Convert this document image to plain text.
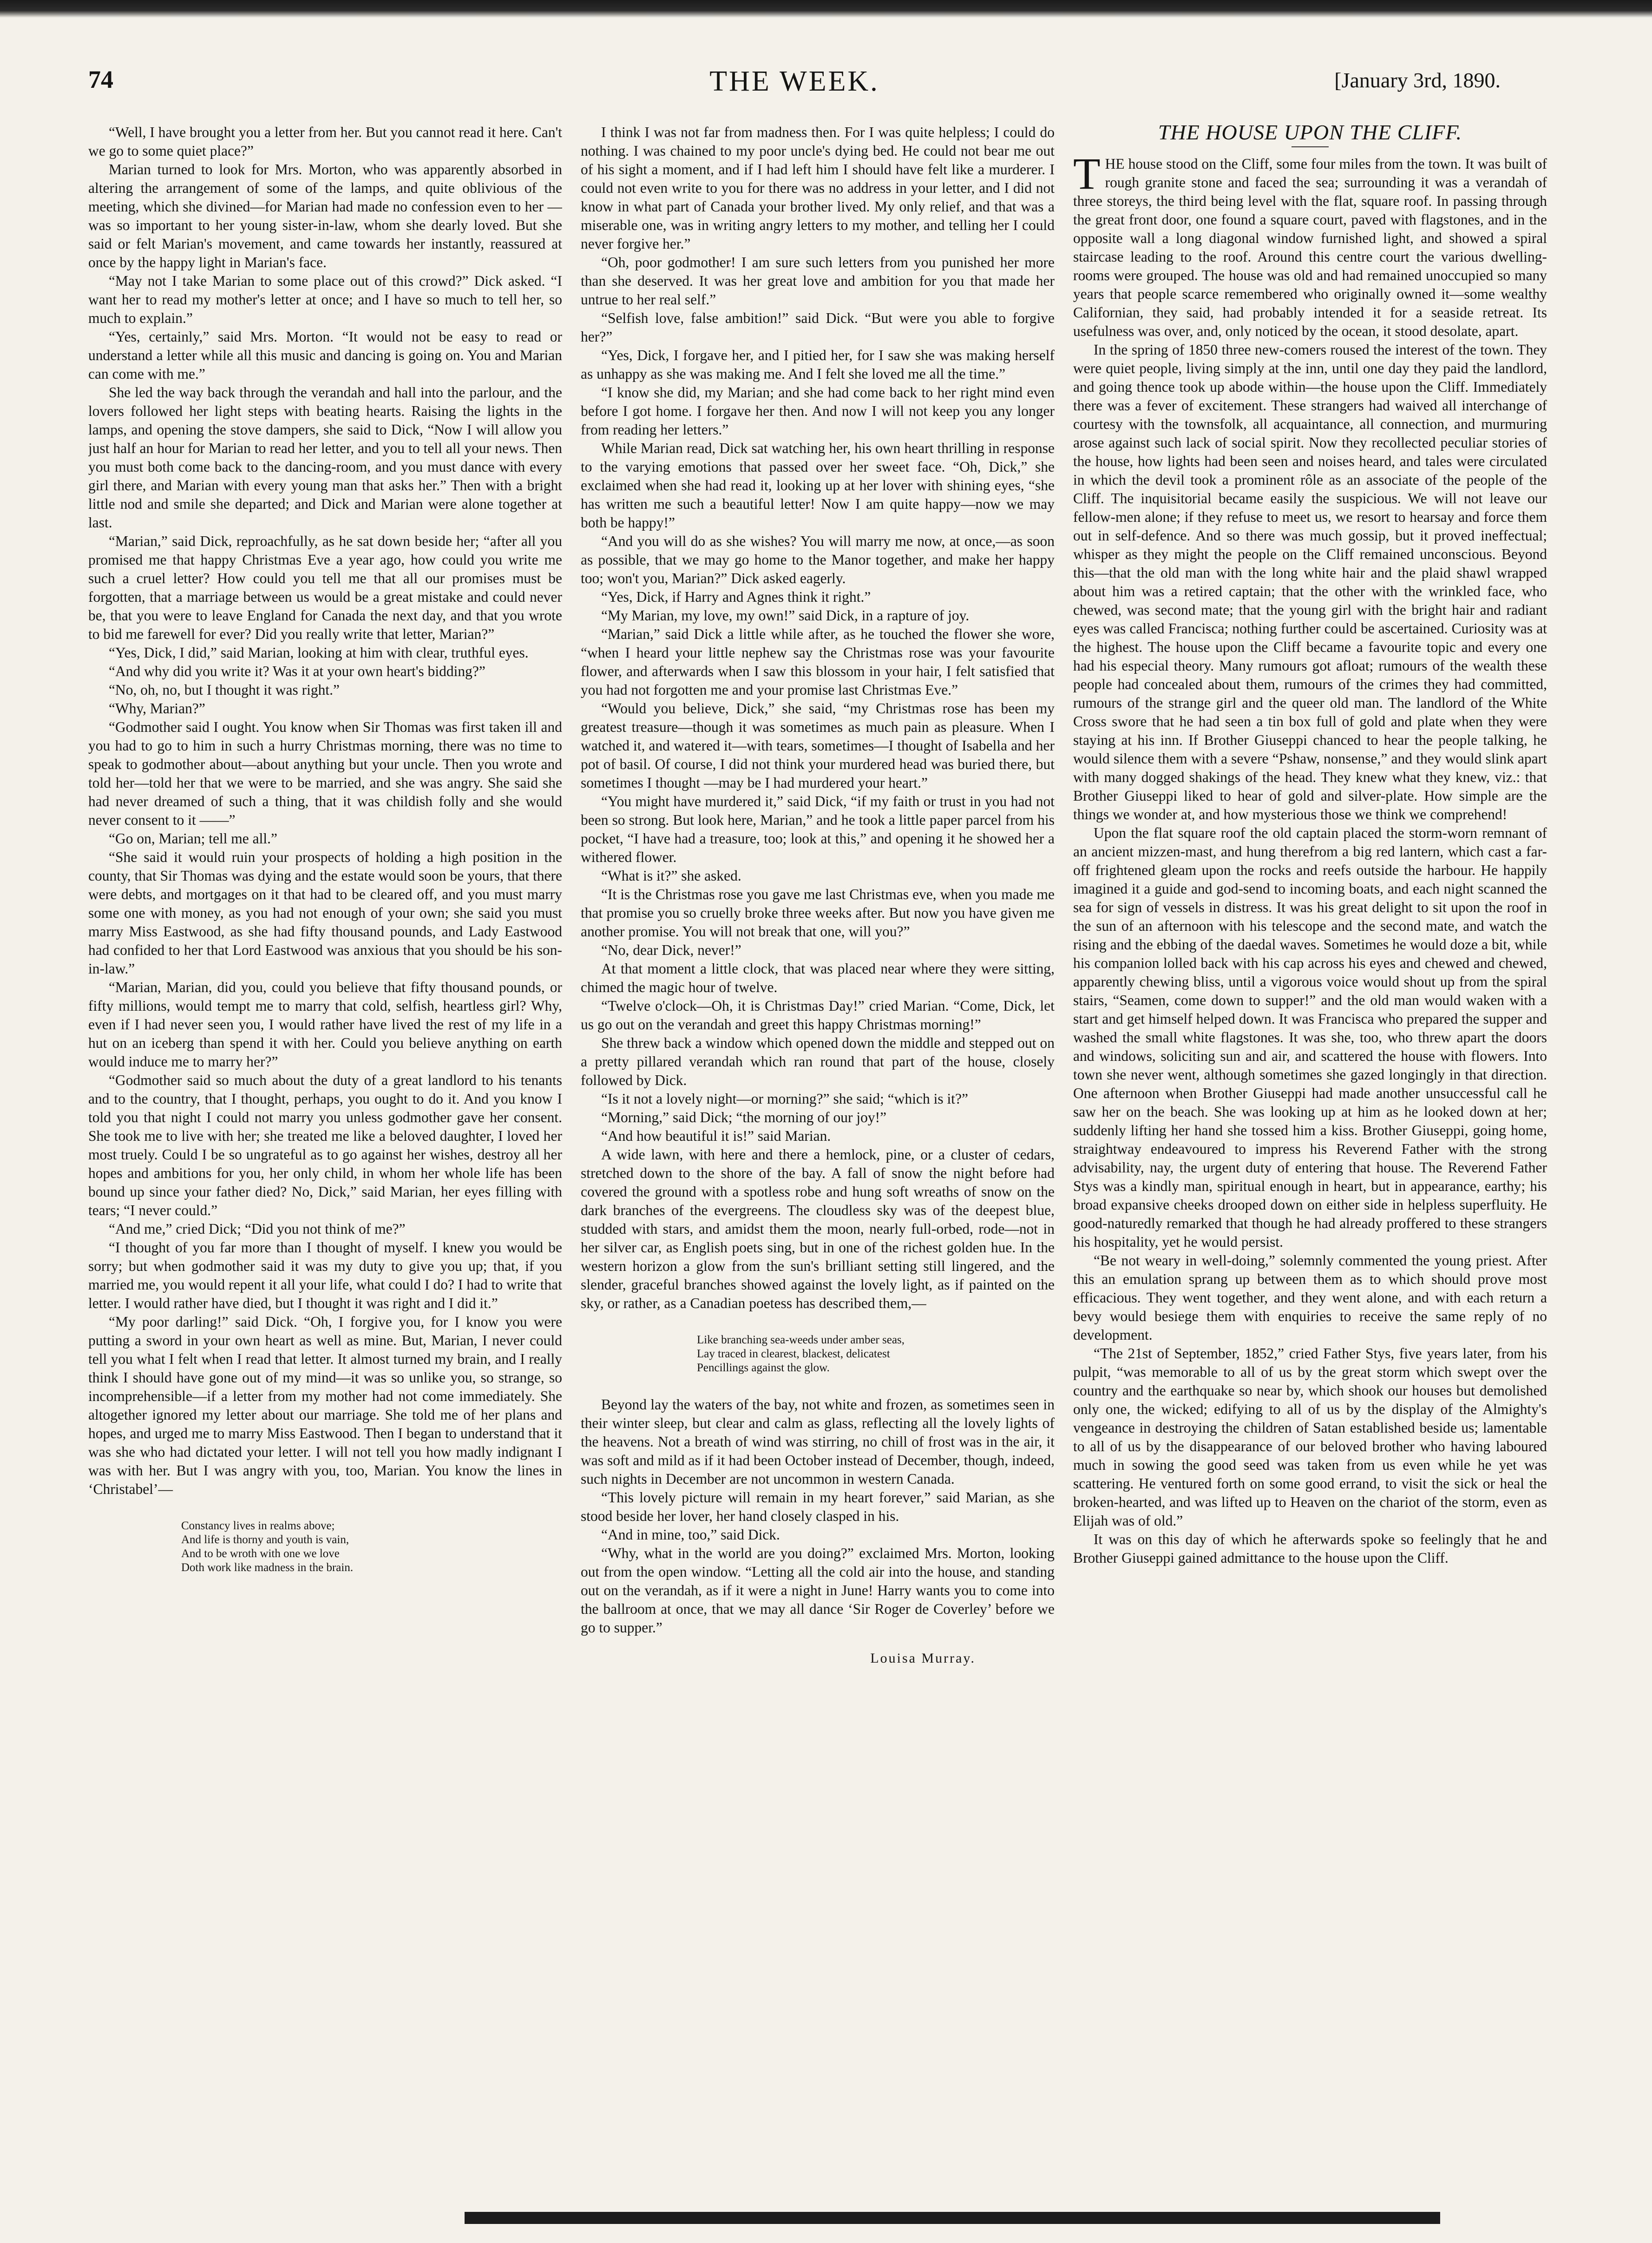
THE WEEK.
74	[January 3rd, 1890.

“Well, I have brought you a letter from her. But you cannot read it here. Can't we go to some quiet place?”

Marian turned to look for Mrs. Morton, who was apparently absorbed in altering the arrangement of some of the lamps, and quite oblivious of the meeting, which she divined—for Marian had made no confession even to her —was so important to her young sister-in-law, whom she dearly loved. But she said or felt Marian's movement, and came towards her instantly, reassured at once by the happy light in Marian's face.

“May not I take Marian to some place out of this crowd?” Dick asked. “I want her to read my mother's letter at once; and I have so much to tell her, so much to explain.”

“Yes, certainly,” said Mrs. Morton. “It would not be easy to read or understand a letter while all this music and dancing is going on. You and Marian can come with me.”

She led the way back through the verandah and hall into the parlour, and the lovers followed her light steps with beating hearts. Raising the lights in the lamps, and opening the stove dampers, she said to Dick, “Now I will allow you just half an hour for Marian to read her letter, and you to tell all your news. Then you must both come back to the dancing-room, and you must dance with every girl there, and Marian with every young man that asks her.” Then with a bright little nod and smile she departed; and Dick and Marian were alone together at last.

“Marian,” said Dick, reproachfully, as he sat down beside her; “after all you promised me that happy Christmas Eve a year ago, how could you write me such a cruel letter? How could you tell me that all our promises must be forgotten, that a marriage between us would be a great mistake and could never be, that you were to leave England for Canada the next day, and that you wrote to bid me farewell for ever? Did you really write that letter, Marian?”

“Yes, Dick, I did,” said Marian, looking at him with clear, truthful eyes.

“And why did you write it? Was it at your own heart's bidding?”

“No, oh, no, but I thought it was right.”

“Why, Marian?”

“Godmother said I ought. You know when Sir Thomas was first taken ill and you had to go to him in such a hurry Christmas morning, there was no time to speak to godmother about—about anything but your uncle. Then you wrote and told her—told her that we were to be married, and she was angry. She said she had never dreamed of such a thing, that it was childish folly and she would never consent to it ——”

“Go on, Marian; tell me all.”

“She said it would ruin your prospects of holding a high position in the county, that Sir Thomas was dying and the estate would soon be yours, that there were debts, and mortgages on it that had to be cleared off, and you must marry some one with money, as you had not enough of your own; she said you must marry Miss Eastwood, as she had fifty thousand pounds, and Lady Eastwood had confided to her that Lord Eastwood was anxious that you should be his son-in-law.”

“Marian, Marian, did you, could you believe that fifty thousand pounds, or fifty millions, would tempt me to marry that cold, selfish, heartless girl? Why, even if I had never seen you, I would rather have lived the rest of my life in a hut on an iceberg than spend it with her. Could you believe anything on earth would induce me to marry her?”

“Godmother said so much about the duty of a great landlord to his tenants and to the country, that I thought, perhaps, you ought to do it. And you know I told you that night I could not marry you unless godmother gave her consent. She took me to live with her; she treated me like a beloved daughter, I loved her most truely. Could I be so ungrateful as to go against her wishes, destroy all her hopes and ambitions for you, her only child, in whom her whole life has been bound up since your father died? No, Dick,” said Marian, her eyes filling with tears; “I never could.”

“And me,” cried Dick; “Did you not think of me?”

“I thought of you far more than I thought of myself. I knew you would be sorry; but when godmother said it was my duty to give you up; that, if you married me, you would repent it all your life, what could I do? I had to write that letter. I would rather have died, but I thought it was right and I did it.”

“My poor darling!” said Dick. “Oh, I forgive you, for I know you were putting a sword in your own heart as well as mine. But, Marian, I never could tell you what I felt when I read that letter. It almost turned my brain, and I really think I should have gone out of my mind—it was so unlike you, so strange, so incomprehensible—if a letter from my mother had not come immediately. She altogether ignored my letter about our marriage. She told me of her plans and hopes, and urged me to marry Miss Eastwood. Then I began to understand that it was she who had dictated your letter. I will not tell you how madly indignant I was with her. But I was angry with you, too, Marian. You know the lines in ‘Christabel’—

Constancy lives in realms above;
And life is thorny and youth is vain,
And to be wroth with one we love
Doth work like madness in the brain.

I think I was not far from madness then. For I was quite helpless; I could do nothing. I was chained to my poor uncle's dying bed. He could not bear me out of his sight a moment, and if I had left him I should have felt like a murderer. I could not even write to you for there was no address in your letter, and I did not know in what part of Canada your brother lived. My only relief, and that was a miserable one, was in writing angry letters to my mother, and telling her I could never forgive her.”

“Oh, poor godmother! I am sure such letters from you punished her more than she deserved. It was her great love and ambition for you that made her untrue to her real self.”

“Selfish love, false ambition!” said Dick. “But were you able to forgive her?”

“Yes, Dick, I forgave her, and I pitied her, for I saw she was making herself as unhappy as she was making me. And I felt she loved me all the time.”

“I know she did, my Marian; and she had come back to her right mind even before I got home. I forgave her then. And now I will not keep you any longer from reading her letters.”

While Marian read, Dick sat watching her, his own heart thrilling in response to the varying emotions that passed over her sweet face. “Oh, Dick,” she exclaimed when she had read it, looking up at her lover with shining eyes, “she has written me such a beautiful letter! Now I am quite happy—now we may both be happy!”

“And you will do as she wishes? You will marry me now, at once,—as soon as possible, that we may go home to the Manor together, and make her happy too; won't you, Marian?” Dick asked eagerly.

“Yes, Dick, if Harry and Agnes think it right.”

“My Marian, my love, my own!” said Dick, in a rapture of joy.

“Marian,” said Dick a little while after, as he touched the flower she wore, “when I heard your little nephew say the Christmas rose was your favourite flower, and afterwards when I saw this blossom in your hair, I felt satisfied that you had not forgotten me and your promise last Christmas Eve.”

“Would you believe, Dick,” she said, “my Christmas rose has been my greatest treasure—though it was sometimes as much pain as pleasure. When I watched it, and watered it—with tears, sometimes—I thought of Isabella and her pot of basil. Of course, I did not think your murdered head was buried there, but sometimes I thought —may be I had murdered your heart.”

“You might have murdered it,” said Dick, “if my faith or trust in you had not been so strong. But look here, Marian,” and he took a little paper parcel from his pocket, “I have had a treasure, too; look at this,” and opening it he showed her a withered flower.

“What is it?” she asked.

“It is the Christmas rose you gave me last Christmas eve, when you made me that promise you so cruelly broke three weeks after. But now you have given me another promise. You will not break that one, will you?”

“No, dear Dick, never!”

At that moment a little clock, that was placed near where they were sitting, chimed the magic hour of twelve.

“Twelve o'clock—Oh, it is Christmas Day!” cried Marian. “Come, Dick, let us go out on the verandah and greet this happy Christmas morning!”

She threw back a window which opened down the middle and stepped out on a pretty pillared verandah which ran round that part of the house, closely followed by Dick.

“Is it not a lovely night—or morning?” she said; “which is it?”

“Morning,” said Dick; “the morning of our joy!”

“And how beautiful it is!” said Marian.

A wide lawn, with here and there a hemlock, pine, or a cluster of cedars, stretched down to the shore of the bay. A fall of snow the night before had covered the ground with a spotless robe and hung soft wreaths of snow on the dark branches of the evergreens. The cloudless sky was of the deepest blue, studded with stars, and amidst them the moon, nearly full-orbed, rode—not in her silver car, as English poets sing, but in one of the richest golden hue. In the western horizon a glow from the sun's brilliant setting still lingered, and the slender, graceful branches showed against the lovely light, as if painted on the sky, or rather, as a Canadian poetess has described them,—

Like branching sea-weeds under amber seas,
Lay traced in clearest, blackest, delicatest
Pencillings against the glow.

Beyond lay the waters of the bay, not white and frozen, as sometimes seen in their winter sleep, but clear and calm as glass, reflecting all the lovely lights of the heavens. Not a breath of wind was stirring, no chill of frost was in the air, it was soft and mild as if it had been October instead of December, though, indeed, such nights in December are not uncommon in western Canada.

“This lovely picture will remain in my heart forever,” said Marian, as she stood beside her lover, her hand closely clasped in his.

“And in mine, too,” said Dick.

“Why, what in the world are you doing?” exclaimed Mrs. Morton, looking out from the open window. “Letting all the cold air into the house, and standing out on the verandah, as if it were a night in June! Harry wants you to come into the ballroom at once, that we may all dance ‘Sir Roger de Coverley’ before we go to supper.”

Louisa Murray.
THE HOUSE UPON THE CLIFF.

THE house stood on the Cliff, some four miles from the town. It was built of rough granite stone and faced the sea; surrounding it was a verandah of three storeys, the third being level with the flat, square roof. In passing through the great front door, one found a square court, paved with flagstones, and in the opposite wall a long diagonal window furnished light, and showed a spiral staircase leading to the roof. Around this centre court the various dwelling-rooms were grouped. The house was old and had remained unoccupied so many years that people scarce remembered who originally owned it—some wealthy Californian, they said, had probably intended it for a seaside retreat. Its usefulness was over, and, only noticed by the ocean, it stood desolate, apart.

In the spring of 1850 three new-comers roused the interest of the town. They were quiet people, living simply at the inn, until one day they paid the landlord, and going thence took up abode within—the house upon the Cliff. Immediately there was a fever of excitement. These strangers had waived all interchange of courtesy with the townsfolk, all acquaintance, all connection, and murmuring arose against such lack of social spirit. Now they recollected peculiar stories of the house, how lights had been seen and noises heard, and tales were circulated in which the devil took a prominent rôle as an associate of the people of the Cliff. The inquisitorial became easily the suspicious. We will not leave our fellow-men alone; if they refuse to meet us, we resort to hearsay and force them out in self-defence. And so there was much gossip, but it proved ineffectual; whisper as they might the people on the Cliff remained unconscious. Beyond this—that the old man with the long white hair and the plaid shawl wrapped about him was a retired captain; that the other with the wrinkled face, who chewed, was second mate; that the young girl with the bright hair and radiant eyes was called Francisca; nothing further could be ascertained. Curiosity was at the highest. The house upon the Cliff became a favourite topic and every one had his especial theory. Many rumours got afloat; rumours of the wealth these people had concealed about them, rumours of the crimes they had committed, rumours of the strange girl and the queer old man. The landlord of the White Cross swore that he had seen a tin box full of gold and plate when they were staying at his inn. If Brother Giuseppi chanced to hear the people talking, he would silence them with a severe “Pshaw, nonsense,” and they would slink apart with many dogged shakings of the head. They knew what they knew, viz.: that Brother Giuseppi liked to hear of gold and silver-plate. How simple are the things we wonder at, and how mysterious those we think we comprehend!

Upon the flat square roof the old captain placed the storm-worn remnant of an ancient mizzen-mast, and hung therefrom a big red lantern, which cast a far-off frightened gleam upon the rocks and reefs outside the harbour. He happily imagined it a guide and god-send to incoming boats, and each night scanned the sea for sign of vessels in distress. It was his great delight to sit upon the roof in the sun of an afternoon with his telescope and the second mate, and watch the rising and the ebbing of the daedal waves. Sometimes he would doze a bit, while his companion lolled back with his cap across his eyes and chewed and chewed, apparently chewing bliss, until a vigorous voice would shout up from the spiral stairs, “Seamen, come down to supper!” and the old man would waken with a start and get himself helped down. It was Francisca who prepared the supper and washed the small white flagstones. It was she, too, who threw apart the doors and windows, soliciting sun and air, and scattered the house with flowers. Into town she never went, although sometimes she gazed longingly in that direction. One afternoon when Brother Giuseppi had made another unsuccessful call he saw her on the beach. She was looking up at him as he looked down at her; suddenly lifting her hand she tossed him a kiss. Brother Giuseppi, going home, straightway endeavoured to impress his Reverend Father with the strong advisability, nay, the urgent duty of entering that house. The Reverend Father Stys was a kindly man, spiritual enough in heart, but in appearance, earthy; his broad expansive cheeks drooped down on either side in helpless superfluity. He good-naturedly remarked that though he had already proffered to these strangers his hospitality, yet he would persist.

“Be not weary in well-doing,” solemnly commented the young priest. After this an emulation sprang up between them as to which should prove most efficacious. They went together, and they went alone, and with each return a bevy would besiege them with enquiries to receive the same reply of no development.

“The 21st of September, 1852,” cried Father Stys, five years later, from his pulpit, “was memorable to all of us by the great storm which swept over the country and the earthquake so near by, which shook our houses but demolished only one, the wicked; edifying to all of us by the display of the Almighty's vengeance in destroying the children of Satan established beside us; lamentable to all of us by the disappearance of our beloved brother who having laboured much in sowing the good seed was taken from us even while he yet was scattering. He ventured forth on some good errand, to visit the sick or heal the broken-hearted, and was lifted up to Heaven on the chariot of the storm, even as Elijah was of old.”

It was on this day of which he afterwards spoke so feelingly that he and Brother Giuseppi gained admittance to the house upon the Cliff.
